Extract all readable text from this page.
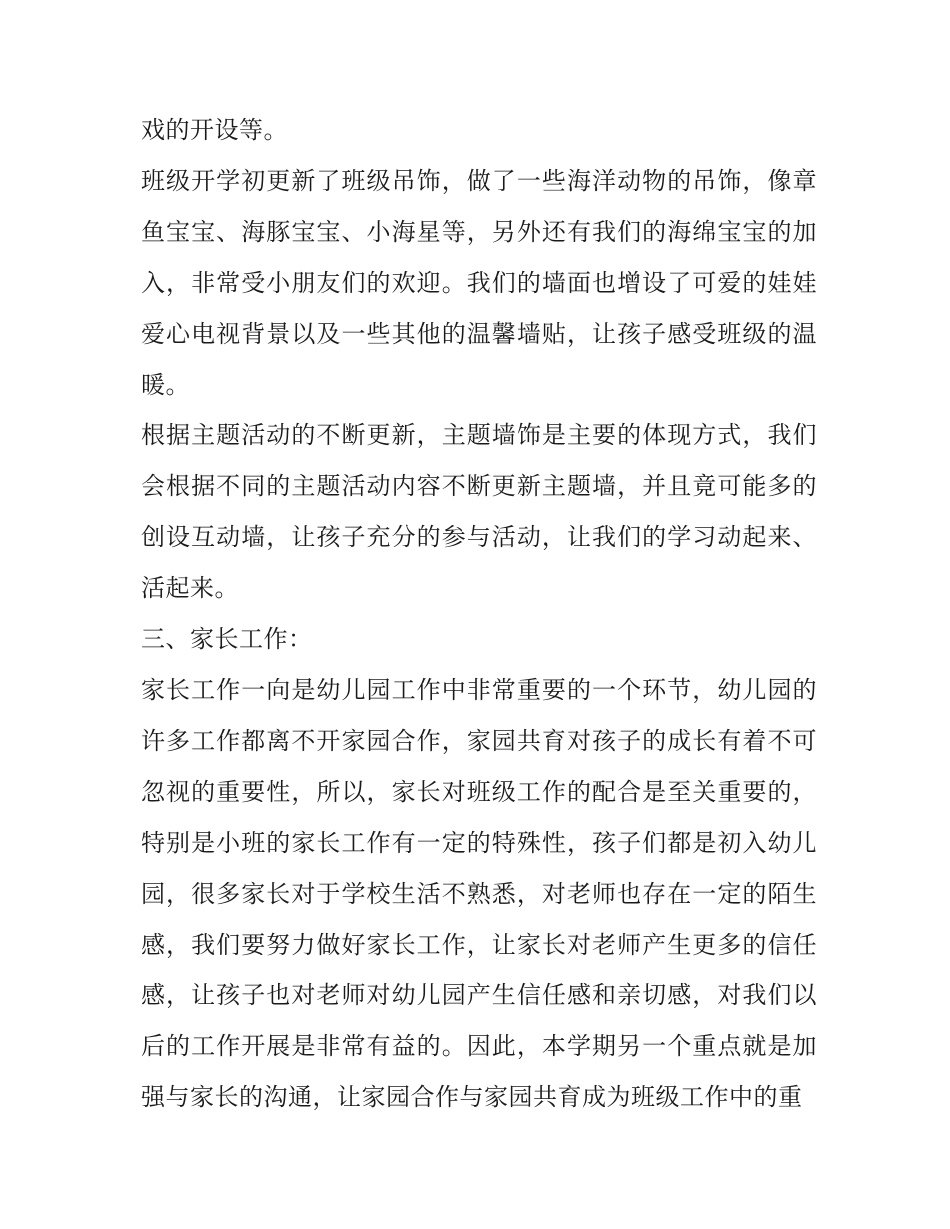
戏的开设等。

班级开学初更新了班级吊饰，做了一些海洋动物的吊饰，像章鱼宝宝、海豚宝宝、小海星等，另外还有我们的海绵宝宝的加入，非常受小朋友们的欢迎。我们的墙面也增设了可爱的娃娃爱心电视背景以及一些其他的温馨墙贴，让孩子感受班级的温暖。

根据主题活动的不断更新，主题墙饰是主要的体现方式，我们会根据不同的主题活动内容不断更新主题墙，并且竟可能多的创设互动墙，让孩子充分的参与活动，让我们的学习动起来、活起来。

三、家长工作：

家长工作一向是幼儿园工作中非常重要的一个环节，幼儿园的许多工作都离不开家园合作，家园共育对孩子的成长有着不可忽视的重要性，所以，家长对班级工作的配合是至关重要的，特别是小班的家长工作有一定的特殊性，孩子们都是初入幼儿园，很多家长对于学校生活不熟悉，对老师也存在一定的陌生感，我们要努力做好家长工作，让家长对老师产生更多的信任感，让孩子也对老师对幼儿园产生信任感和亲切感，对我们以后的工作开展是非常有益的。因此，本学期另一个重点就是加强与家长的沟通，让家园合作与家园共育成为班级工作中的重
